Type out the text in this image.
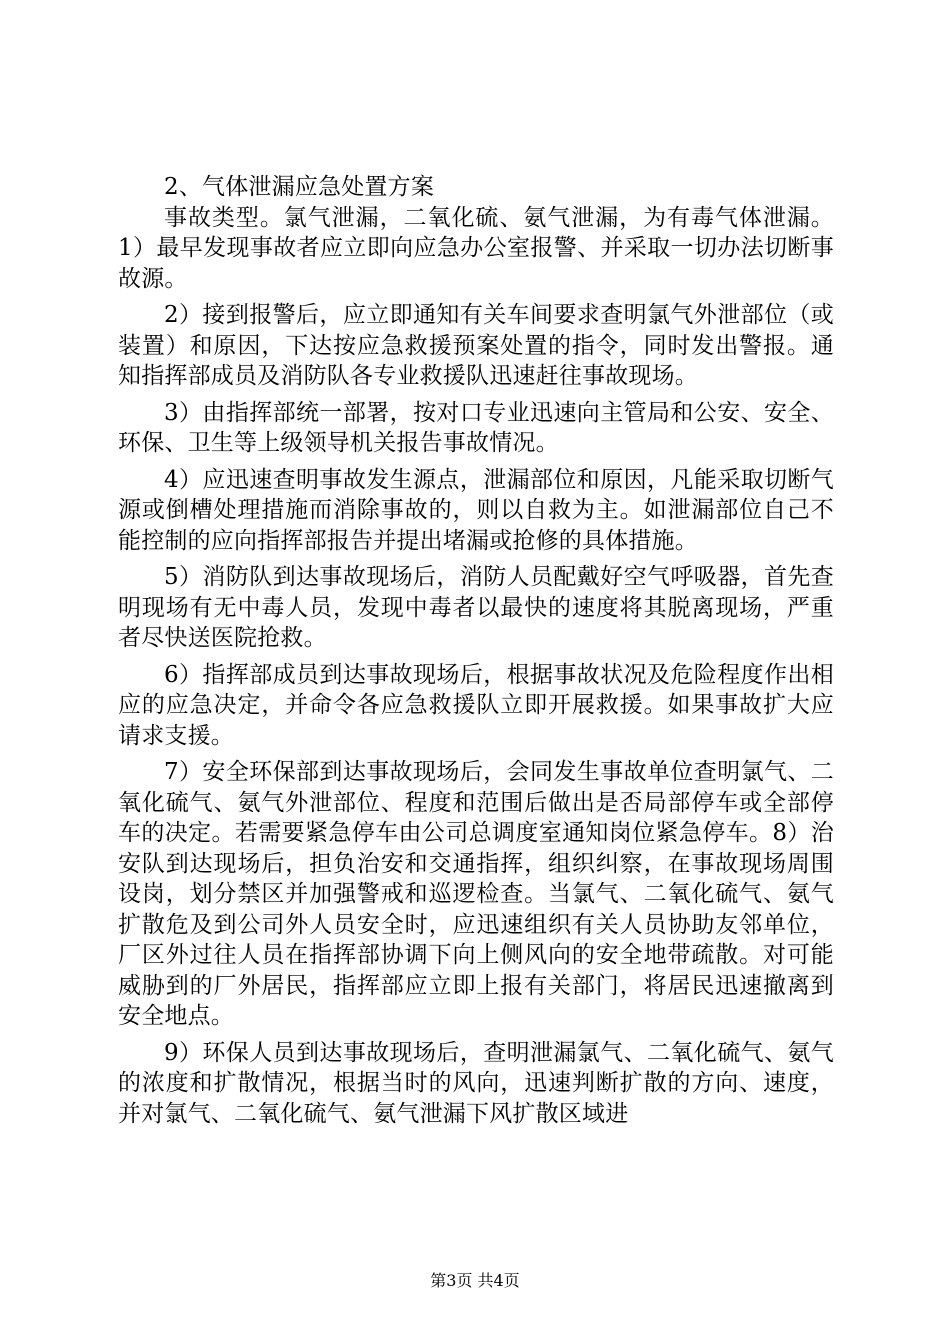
2、气体泄漏应急处置方案

事故类型。氯气泄漏，二氧化硫、氨气泄漏，为有毒气体泄漏。1）最早发现事故者应立即向应急办公室报警、并采取一切办法切断事故源。

2）接到报警后，应立即通知有关车间要求查明氯气外泄部位（或装置）和原因，下达按应急救援预案处置的指令，同时发出警报。通知指挥部成员及消防队各专业救援队迅速赶往事故现场。

3）由指挥部统一部署，按对口专业迅速向主管局和公安、安全、环保、卫生等上级领导机关报告事故情况。

4）应迅速查明事故发生源点，泄漏部位和原因，凡能采取切断气源或倒槽处理措施而消除事故的，则以自救为主。如泄漏部位自己不能控制的应向指挥部报告并提出堵漏或抢修的具体措施。

5）消防队到达事故现场后，消防人员配戴好空气呼吸器，首先查明现场有无中毒人员，发现中毒者以最快的速度将其脱离现场，严重者尽快送医院抢救。

6）指挥部成员到达事故现场后，根据事故状况及危险程度作出相应的应急决定，并命令各应急救援队立即开展救援。如果事故扩大应请求支援。

7）安全环保部到达事故现场后，会同发生事故单位查明氯气、二氧化硫气、氨气外泄部位、程度和范围后做出是否局部停车或全部停车的决定。若需要紧急停车由公司总调度室通知岗位紧急停车。8）治安队到达现场后，担负治安和交通指挥，组织纠察，在事故现场周围设岗，划分禁区并加强警戒和巡逻检查。当氯气、二氧化硫气、氨气扩散危及到公司外人员安全时，应迅速组织有关人员协助友邻单位，厂区外过往人员在指挥部协调下向上侧风向的安全地带疏散。对可能威胁到的厂外居民，指挥部应立即上报有关部门，将居民迅速撤离到安全地点。

9）环保人员到达事故现场后，查明泄漏氯气、二氧化硫气、氨气的浓度和扩散情况，根据当时的风向，迅速判断扩散的方向、速度，并对氯气、二氧化硫气、氨气泄漏下风扩散区域进

第3页 共4页
